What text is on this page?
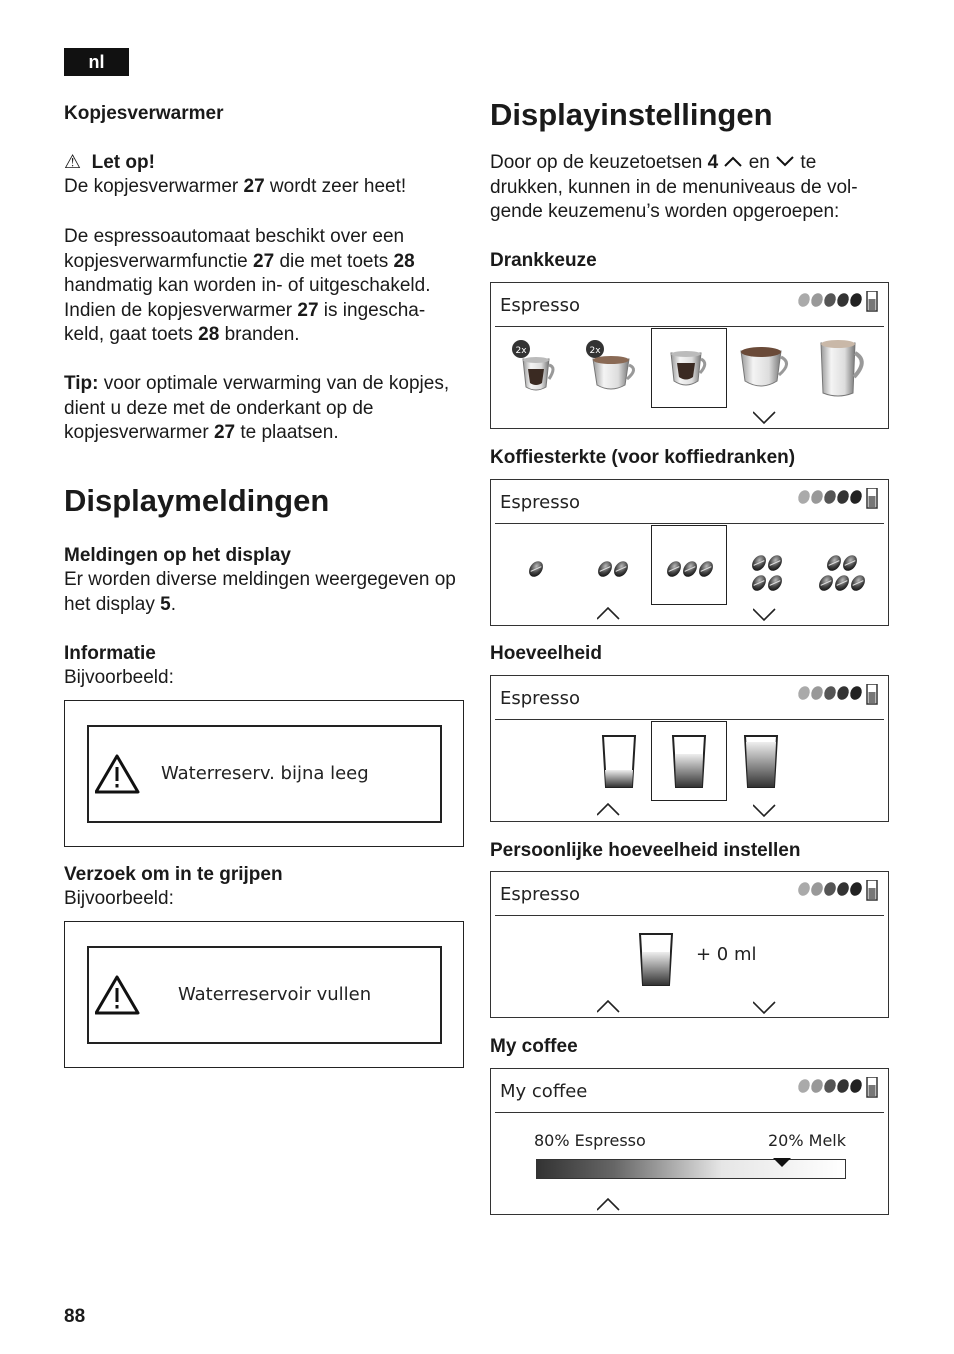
nl

Kopjesverwarmer

⚠ Let op!

De kopjesverwarmer 27 wordt zeer heet!

De espressoautomaat beschikt over een kopjesverwarmfunctie 27 die met toets 28 handmatig kan worden in- of uitgeschakeld. Indien de kopjesverwarmer 27 is ingescha-keld, gaat toets 28 branden.

Tip: voor optimale verwarming van de kopjes, dient u deze met de onderkant op de kopjesverwarmer 27 te plaatsen.

Displaymeldingen

Meldingen op het display

Er worden diverse meldingen weergegeven op het display 5.

Informatie

Bijvoorbeeld:

Waterreserv. bijna leeg

Verzoek om in te grijpen

Bijvoorbeeld:

Waterreservoir vullen

Displayinstellingen

Door op de keuzetoetsen 4  en  te drukken, kunnen in de menuniveaus de vol-gende keuzemenu’s worden opgeroepen:

Drankkeuze

Espresso
2x	2x

Koffiesterkte (voor koffiedranken)

Espresso

Hoeveelheid

Espresso

Persoonlijke hoeveelheid instellen

Espresso
+ 0 ml

My coffee

My coffee
80% Espresso	20% Melk
88
